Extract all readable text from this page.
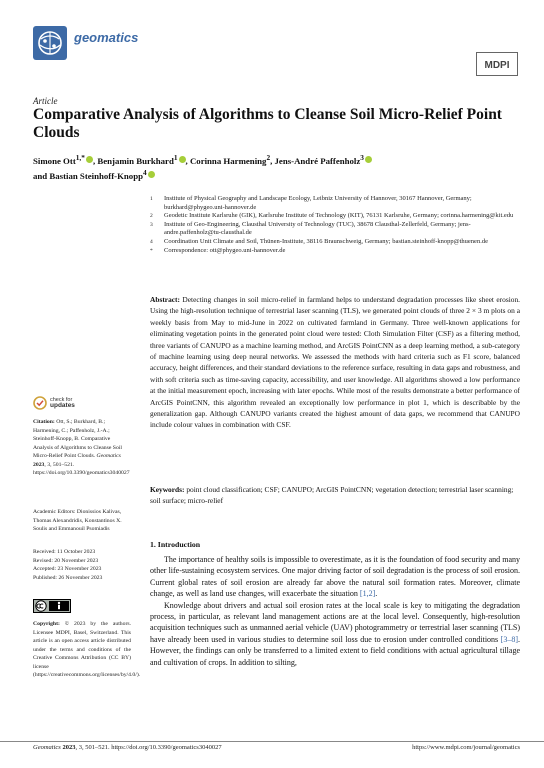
geomatics
MDPI
Article
Comparative Analysis of Algorithms to Cleanse Soil Micro-Relief Point Clouds
Simone Ott$^{1,*}$ , Benjamin Burkhard$^1$ , Corinna Harmening$^2$, Jens-André Paffenholz$^3$
and Bastian Steinhoff-Knopp$^4$
1	Institute of Physical Geography and Landscape Ecology, Leibniz University of Hannover, 30167 Hannover, Germany; burkhard@phygeo.uni-hannover.de
2	Geodetic Institute Karlsruhe (GIK), Karlsruhe Institute of Technology (KIT), 76131 Karlsruhe, Germany; corinna.harmening@kit.edu
3	Institute of Geo-Engineering, Clausthal University of Technology (TUC), 38678 Clausthal-Zellerfeld, Germany; jens-andre.paffenholz@tu-clausthal.de
4	Coordination Unit Climate and Soil, Thünen-Institute, 38116 Braunschweig, Germany; bastian.steinhoff-knopp@thuenen.de
*	Correspondence: ott@phygeo.uni-hannover.de
Abstract: Detecting changes in soil micro-relief in farmland helps to understand degradation processes like sheet erosion. Using the high-resolution technique of terrestrial laser scanning (TLS), we generated point clouds of three 2 × 3 m plots on a weekly basis from May to mid-June in 2022 on cultivated farmland in Germany. Three well-known applications for eliminating vegetation points in the generated point cloud were tested: Cloth Simulation Filter (CSF) as a filtering method, three variants of CANUPO as a machine learning method, and ArcGIS PointCNN as a deep learning method, a sub-category of machine learning using deep neural networks. We assessed the methods with hard criteria such as F1 score, balanced accuracy, height differences, and their standard deviations to the reference surface, resulting in data gaps and robustness, and with soft criteria such as time-saving capacity, accessibility, and user knowledge. All algorithms showed a low performance at the initial measurement epoch, increasing with later epochs. While most of the results demonstrate a better performance of ArcGIS PointCNN, this algorithm revealed an exceptionally low performance in plot 1, which is describable by the generalization gap. Although CANUPO variants created the highest amount of data gaps, we recommend that CANUPO include colour values in combination with CSF.
Keywords: point cloud classification; CSF; CANUPO; ArcGIS PointCNN; vegetation detection; terrestrial laser scanning; soil surface; micro-relief
1. Introduction

The importance of healthy soils is impossible to overestimate, as it is the foundation of food security and many other life-sustaining ecosystem services. One major driving factor of soil degradation is the process of soil erosion. Current global rates of soil erosion are already far above the natural soil formation rates. Moreover, climate change, as well as land use changes, will exacerbate the situation [1,2].

Knowledge about drivers and actual soil erosion rates at the local scale is key to mitigating the degradation process, in particular, as relevant land management actions are at the local level. Consequently, high-resolution acquisition techniques such as unmanned aerial vehicle (UAV) photogrammetry or terrestrial laser scanning (TLS) have already been used in various studies to determine soil loss due to erosion under controlled conditions [3–8]. However, the findings can only be transferred to a limited extent to field conditions with actual agricultural tillage and cultivation of crops. In addition to silting,

check for
updates
Citation: Ott, S.; Burkhard, B.; Harmening, C.; Paffenholz, J.-A.; Steinhoff-Knopp, B. Comparative Analysis of Algorithms to Cleanse Soil Micro-Relief Point Clouds. Geomatics 2023, 3, 501–521. https://doi.org/10.3390/geomatics3040027
Academic Editors: Dionissios Kalivas, Thomas Alexandridis, Konstantinos X. Soulis and Emmanouil Psomiadis
Received: 11 October 2023
Revised: 20 November 2023
Accepted: 23 November 2023
Published: 26 November 2023
Copyright: © 2023 by the authors. Licensee MDPI, Basel, Switzerland. This article is an open access article distributed under the terms and conditions of the Creative Commons Attribution (CC BY) license (https://creativecommons.org/licenses/by/4.0/).
Geomatics 2023, 3, 501–521. https://doi.org/10.3390/geomatics3040027	https://www.mdpi.com/journal/geomatics
